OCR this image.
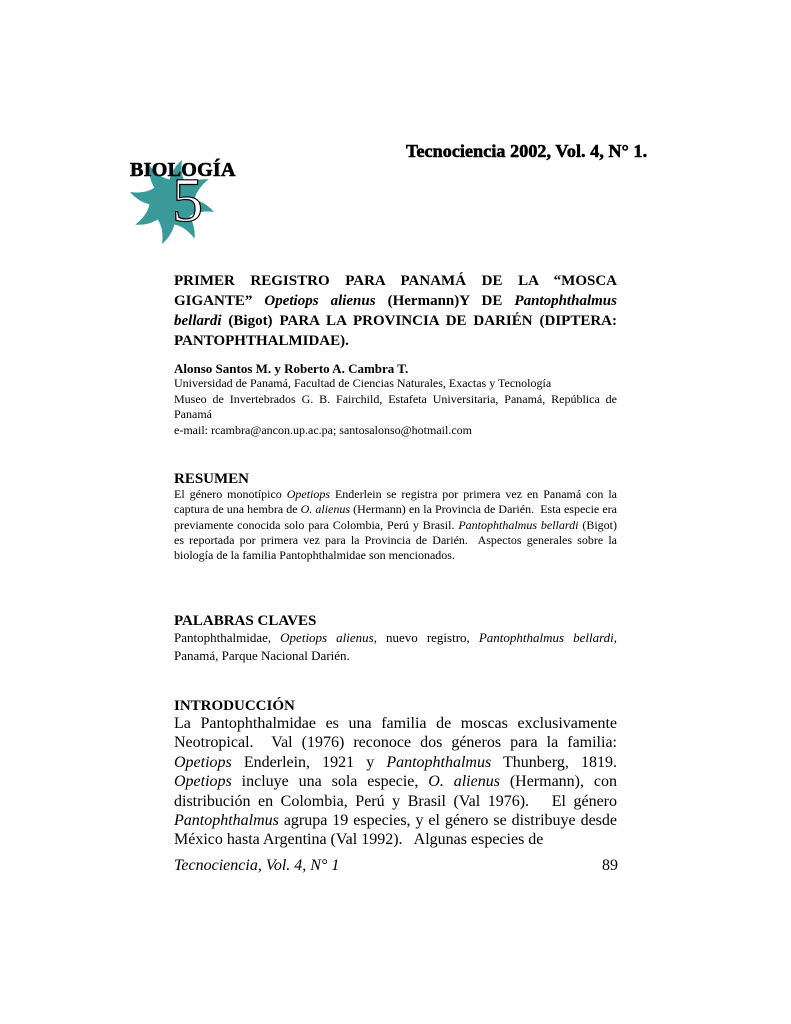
BIOLOGÍA
5
Tecnociencia 2002, Vol. 4, N° 1.
PRIMER REGISTRO PARA PANAMÁ DE LA “MOSCA GIGANTE” Opetiops alienus (Hermann)Y DE Pantophthalmus bellardi (Bigot) PARA LA PROVINCIA DE DARIÉN (DIPTERA: PANTOPHTHALMIDAE).
Alonso Santos M. y Roberto A. Cambra T.
Universidad de Panamá, Facultad de Ciencias Naturales, Exactas y Tecnología
Museo de Invertebrados G. B. Fairchild, Estafeta Universitaria, Panamá, República de Panamá
e-mail: rcambra@ancon.up.ac.pa; santosalonso@hotmail.com
RESUMEN
El género monotípico Opetiops Enderlein se registra por primera vez en Panamá con la captura de una hembra de O. alienus (Hermann) en la Provincia de Darién.  Esta especie era previamente conocida solo para Colombia, Perú y Brasil. Pantophthalmus bellardi (Bigot) es reportada por primera vez para la Provincia de Darién.  Aspectos generales sobre la biología de la familia Pantophthalmidae son mencionados.
PALABRAS CLAVES
Pantophthalmidae, Opetiops alienus, nuevo registro, Pantophthalmus bellardi, Panamá, Parque Nacional Darién.
INTRODUCCIÓN
La Pantophthalmidae es una familia de moscas exclusivamente Neotropical.  Val (1976) reconoce dos géneros para la familia: Opetiops Enderlein, 1921 y Pantophthalmus Thunberg, 1819. Opetiops incluye una sola especie, O. alienus (Hermann), con distribución en Colombia, Perú y Brasil (Val 1976).   El género Pantophthalmus agrupa 19 especies, y el género se distribuye desde México hasta Argentina (Val 1992).   Algunas especies de
Tecnociencia, Vol. 4, N° 1	89
